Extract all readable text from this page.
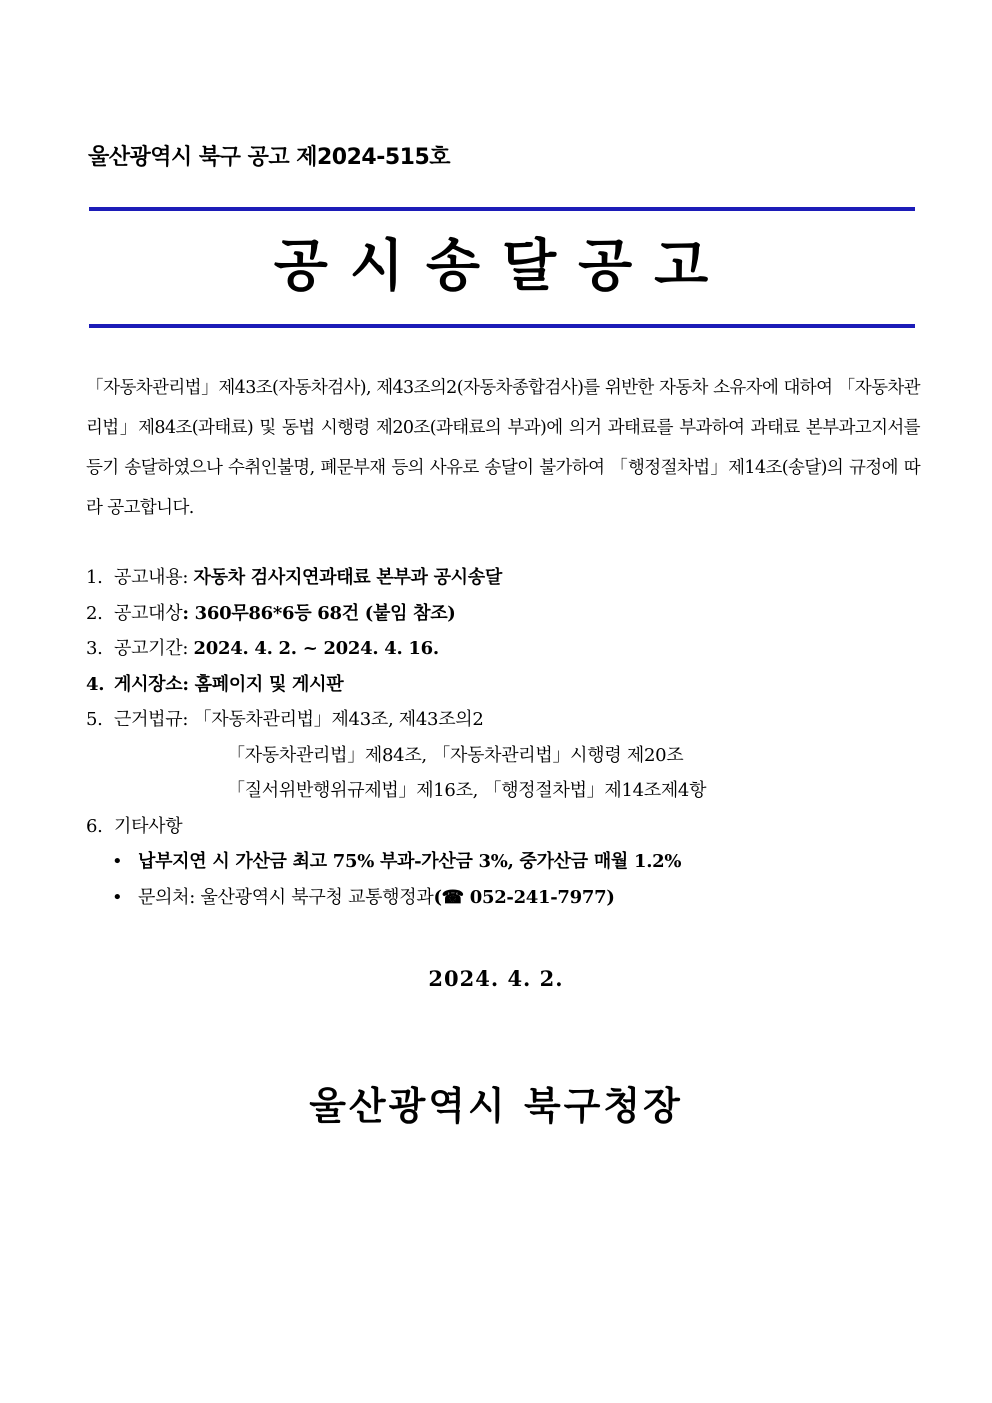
울산광역시 북구 공고 제2024-515호
공시송달공고
「자동차관리법」제43조(자동차검사), 제43조의2(자동차종합검사)를 위반한 자동차 소유자에 대하여 「자동차관리법」제84조(과태료) 및 동법 시행령 제20조(과태료의 부과)에 의거 과태료를 부과하여 과태료 본부과고지서를 등기 송달하였으나 수취인불명, 폐문부재 등의 사유로 송달이 불가하여 「행정절차법」제14조(송달)의 규정에 따라 공고합니다.
1. 공고내용: 자동차 검사지연과태료 본부과 공시송달
2. 공고대상: 360무86*6등 68건 (붙임 참조)
3. 공고기간: 2024. 4. 2. ~ 2024. 4. 16.
4. 게시장소: 홈페이지 및 게시판
5. 근거법규: 「자동차관리법」제43조, 제43조의2
「자동차관리법」제84조, 「자동차관리법」시행령 제20조
「질서위반행위규제법」제16조, 「행정절차법」제14조제4항
6. 기타사항
• 납부지연 시 가산금 최고 75% 부과-가산금 3%, 중가산금 매월 1.2%
• 문의처: 울산광역시 북구청 교통행정과(☎ 052-241-7977)
2024. 4. 2.
울산광역시 북구청장
